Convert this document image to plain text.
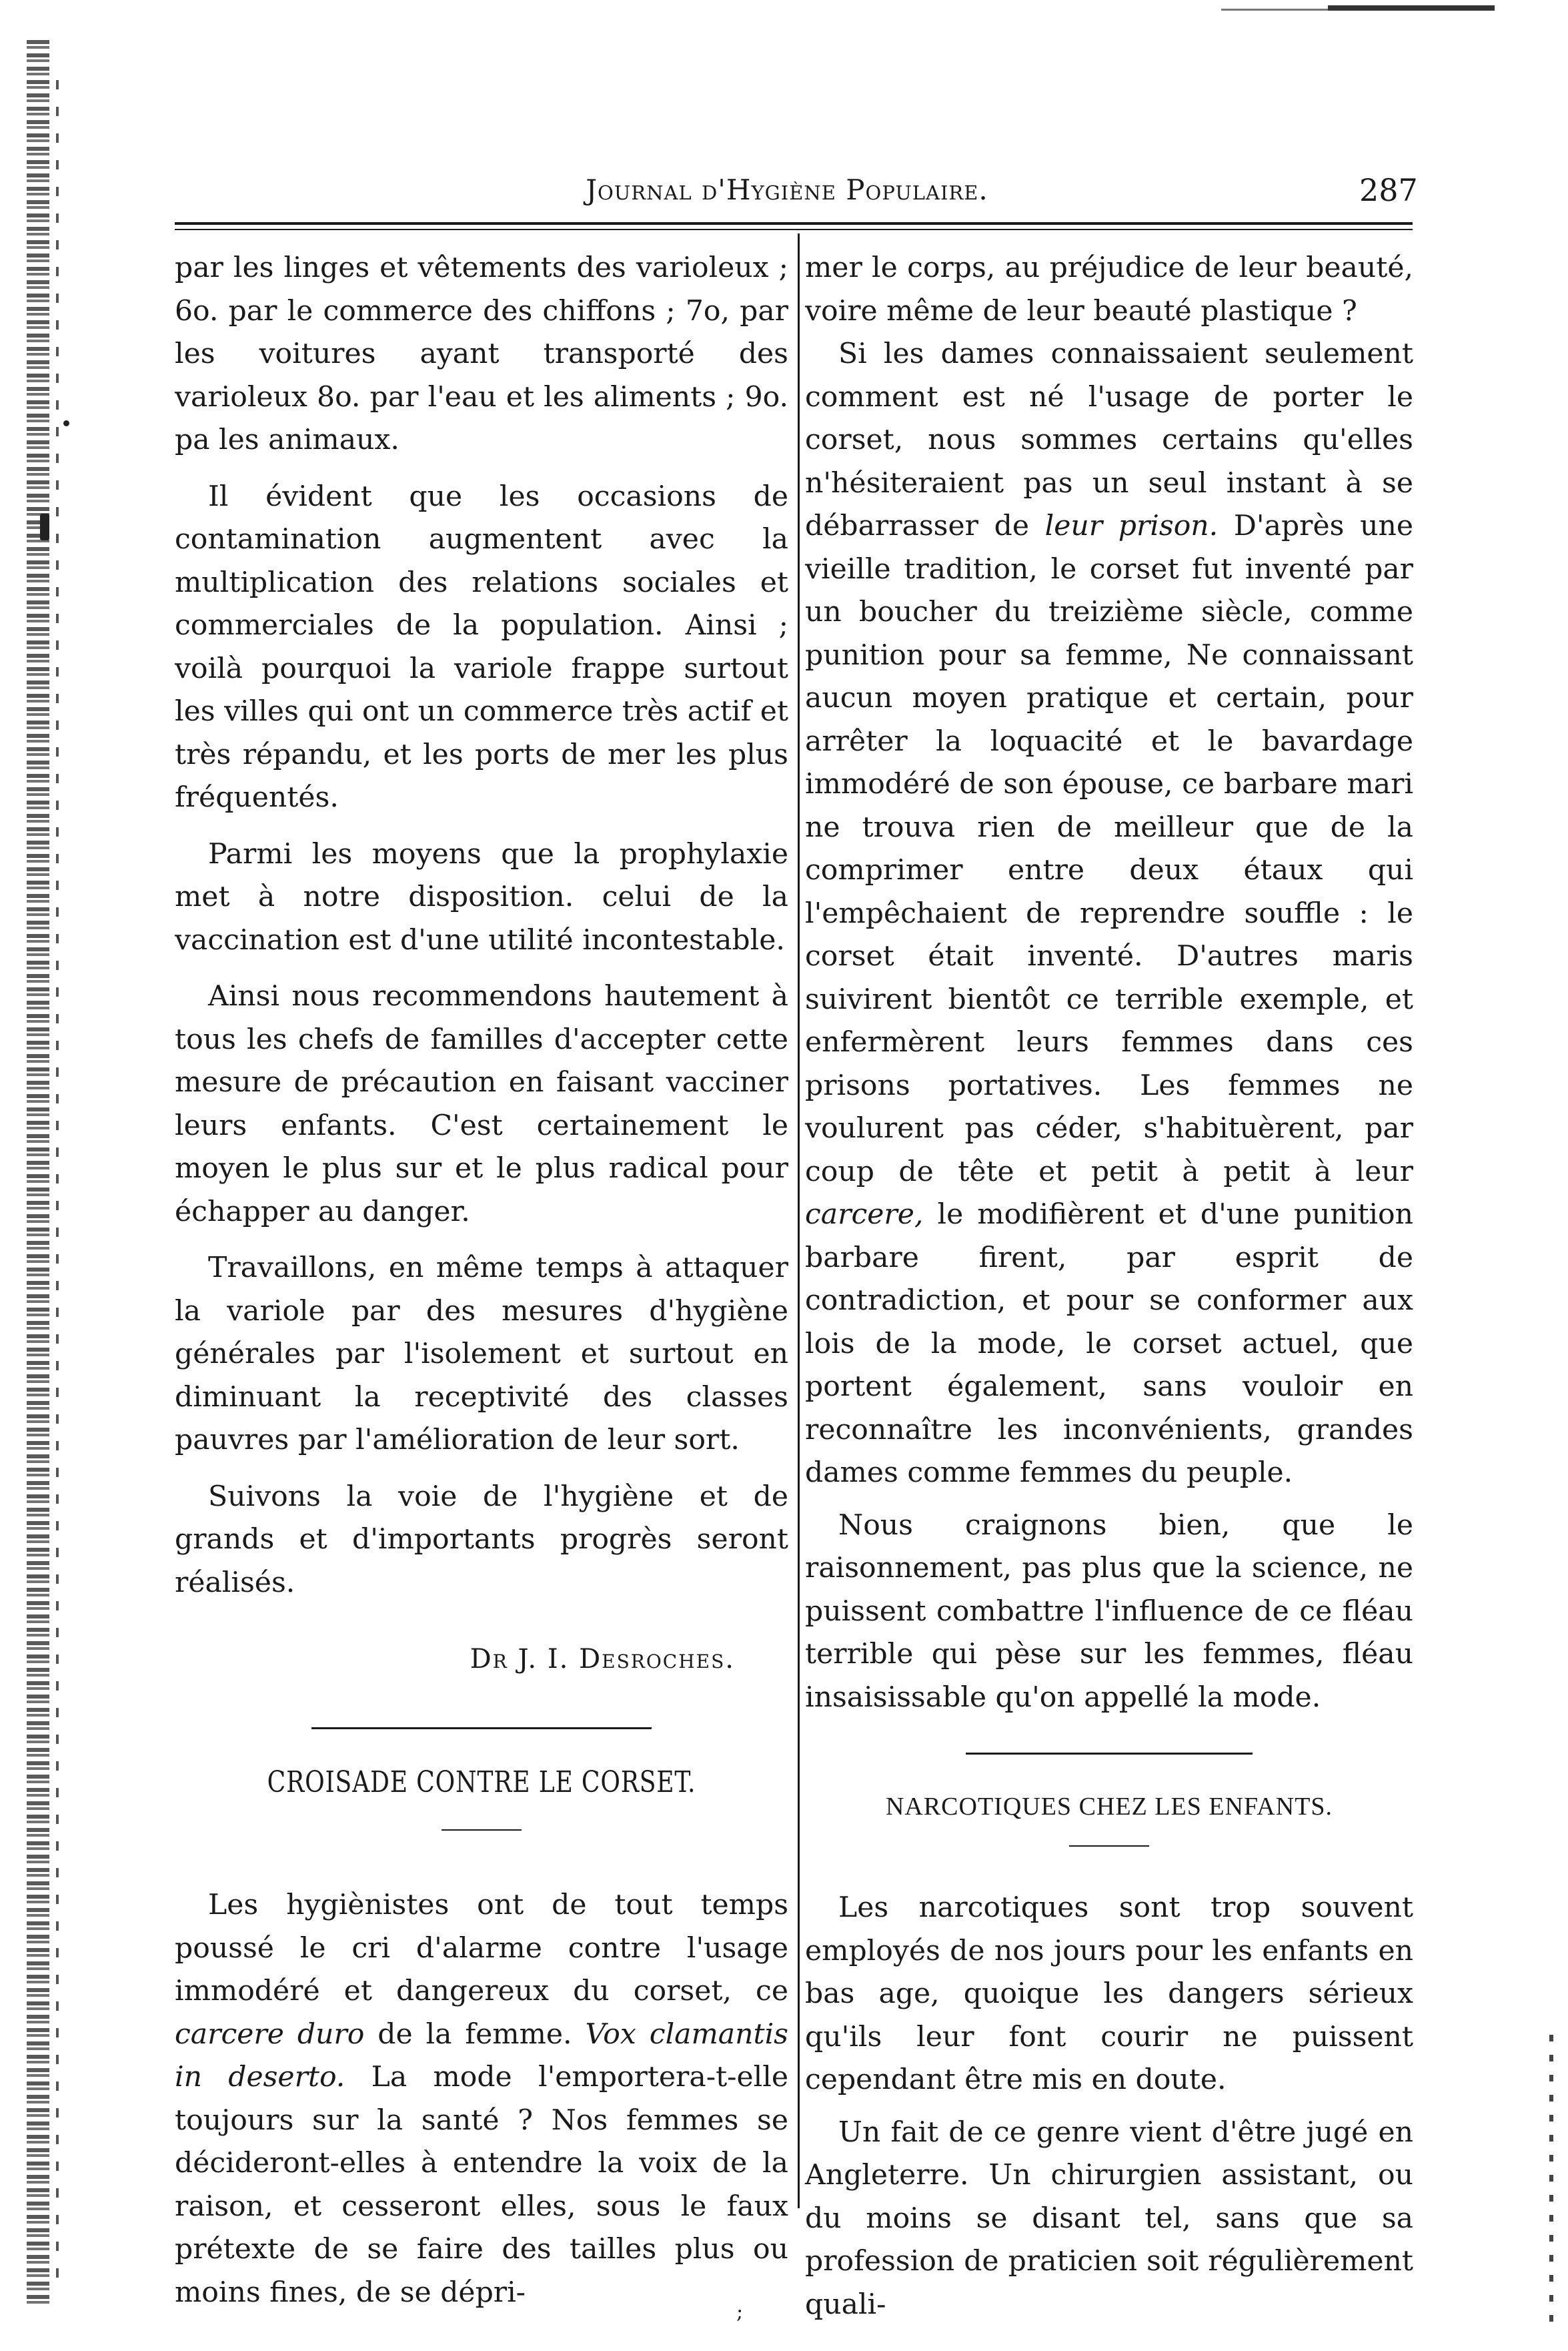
Journal d'Hygiène Populaire.	287

par les linges et vêtements des varioleux ; 6o. par le commerce des chiffons ; 7o, par les voitures ayant transporté des varioleux 8o. par l'eau et les aliments ; 9o. pa les animaux.

Il évident que les occasions de contamination augmentent avec la multiplication des relations sociales et commerciales de la population. Ainsi ; voilà pourquoi la variole frappe surtout les villes qui ont un commerce très actif et très répandu, et les ports de mer les plus fréquentés.

Parmi les moyens que la prophylaxie met à notre disposition. celui de la vaccination est d'une utilité incontestable.

Ainsi nous recommendons hautement à tous les chefs de familles d'accepter cette mesure de précaution en faisant vacciner leurs enfants. C'est certainement le moyen le plus sur et le plus radical pour échapper au danger.

Travaillons, en même temps à attaquer la variole par des mesures d'hygiène générales par l'isolement et surtout en diminuant la receptivité des classes pauvres par l'amélioration de leur sort.

Suivons la voie de l'hygiène et de grands et d'importants progrès seront réalisés.

Dr J. I. Desroches.
CROISADE CONTRE LE CORSET.

Les hygiènistes ont de tout temps poussé le cri d'alarme contre l'usage immodéré et dangereux du corset, ce carcere duro de la femme. Vox clamantis in deserto. La mode l'emportera-t-elle toujours sur la santé ? Nos femmes se décideront-elles à entendre la voix de la raison, et cesseront elles, sous le faux prétexte de se faire des tailles plus ou moins fines, de se dépri-

mer le corps, au préjudice de leur beauté, voire même de leur beauté plastique ?

Si les dames connaissaient seulement comment est né l'usage de porter le corset, nous sommes certains qu'elles n'hésiteraient pas un seul instant à se débarrasser de leur prison. D'après une vieille tradition, le corset fut inventé par un boucher du treizième siècle, comme punition pour sa femme, Ne connaissant aucun moyen pratique et certain, pour arrêter la loquacité et le bavardage immodéré de son épouse, ce barbare mari ne trouva rien de meilleur que de la comprimer entre deux étaux qui l'empêchaient de reprendre souffle : le corset était inventé. D'autres maris suivirent bientôt ce terrible exemple, et enfermèrent leurs femmes dans ces prisons portatives. Les femmes ne voulurent pas céder, s'habituèrent, par coup de tête et petit à petit à leur carcere, le modifièrent et d'une punition barbare firent, par esprit de contradiction, et pour se conformer aux lois de la mode, le corset actuel, que portent également, sans vouloir en reconnaître les inconvénients, grandes dames comme femmes du peuple.

Nous craignons bien, que le raisonnement, pas plus que la science, ne puissent combattre l'influence de ce fléau terrible qui pèse sur les femmes, fléau insaisissable qu'on appellé la mode.

NARCOTIQUES CHEZ LES ENFANTS.

Les narcotiques sont trop souvent employés de nos jours pour les enfants en bas age, quoique les dangers sérieux qu'ils leur font courir ne puissent cependant être mis en doute.

Un fait de ce genre vient d'être jugé en Angleterre. Un chirurgien assistant, ou du moins se disant tel, sans que sa profession de praticien soit régulièrement quali-

;
